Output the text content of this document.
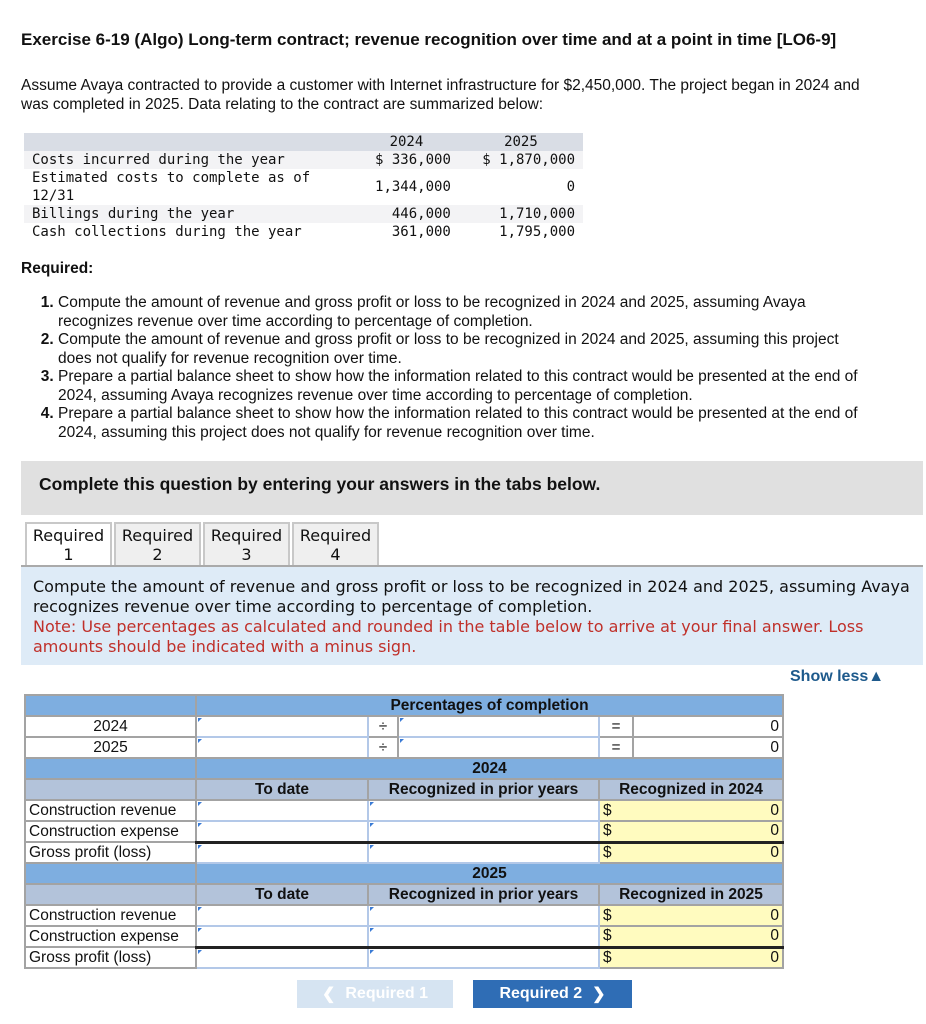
Exercise 6-19 (Algo) Long-term contract; revenue recognition over time and at a point in time [LO6-9]
Assume Avaya contracted to provide a customer with Internet infrastructure for $2,450,000. The project began in 2024 and was completed in 2025. Data relating to the contract are summarized below:
	2024	2025
Costs incurred during the year	$ 336,000	$ 1,870,000
Estimated costs to complete as of 12/31	1,344,000	0
Billings during the year	446,000	1,710,000
Cash collections during the year	361,000	1,795,000
Required:
1. Compute the amount of revenue and gross profit or loss to be recognized in 2024 and 2025, assuming Avaya recognizes revenue over time according to percentage of completion.
2. Compute the amount of revenue and gross profit or loss to be recognized in 2024 and 2025, assuming this project does not qualify for revenue recognition over time.
3. Prepare a partial balance sheet to show how the information related to this contract would be presented at the end of 2024, assuming Avaya recognizes revenue over time according to percentage of completion.
4. Prepare a partial balance sheet to show how the information related to this contract would be presented at the end of 2024, assuming this project does not qualify for revenue recognition over time.
Complete this question by entering your answers in the tabs below.
Required
1
Required
2
Required
3
Required
4
Compute the amount of revenue and gross profit or loss to be recognized in 2024 and 2025, assuming Avaya recognizes revenue over time according to percentage of completion.
Note: Use percentages as calculated and rounded in the table below to arrive at your final answer. Loss amounts should be indicated with a minus sign.
Show less▲
	Percentages of completion				
2024		÷		=	0

2025		÷		=	0
	2024		
	To date	Recognized in prior years	Recognized in 2024
Construction revenue			$ 0

Construction expense			$ 0

Gross profit (loss)			$ 0

	2025		
	To date	Recognized in prior years	Recognized in 2025
Construction revenue			$ 0

Construction expense			$ 0

Gross profit (loss)			$ 0
❮ Required 1	Required 2 ❯
